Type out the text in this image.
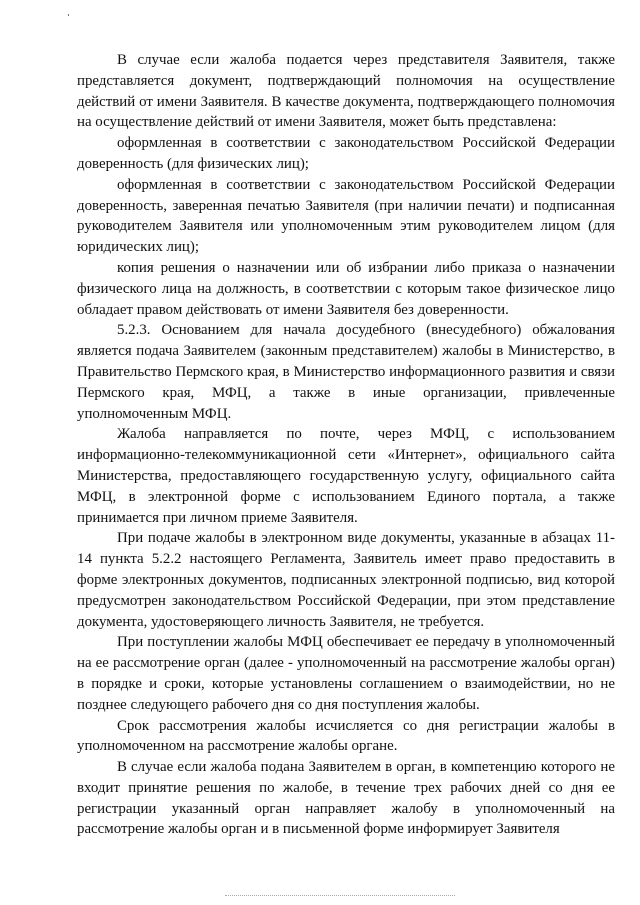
В случае если жалоба подается через представителя Заявителя, также представляется документ, подтверждающий полномочия на осуществление действий от имени Заявителя. В качестве документа, подтверждающего полномочия на осуществление действий от имени Заявителя, может быть представлена:

оформленная в соответствии с законодательством Российской Федерации доверенность (для физических лиц);

оформленная в соответствии с законодательством Российской Федерации доверенность, заверенная печатью Заявителя (при наличии печати) и подписанная руководителем Заявителя или уполномоченным этим руководителем лицом (для юридических лиц);

копия решения о назначении или об избрании либо приказа о назначении физического лица на должность, в соответствии с которым такое физическое лицо обладает правом действовать от имени Заявителя без доверенности.

5.2.3. Основанием для начала досудебного (внесудебного) обжалования является подача Заявителем (законным представителем) жалобы в Министерство, в Правительство Пермского края, в Министерство информационного развития и связи Пермского края, МФЦ, а также в иные организации, привлеченные уполномоченным МФЦ.

Жалоба направляется по почте, через МФЦ, с использованием информационно-телекоммуникационной сети «Интернет», официального сайта Министерства, предоставляющего государственную услугу, официального сайта МФЦ, в электронной форме с использованием Единого портала, а также принимается при личном приеме Заявителя.

При подаче жалобы в электронном виде документы, указанные в абзацах 11-14 пункта 5.2.2 настоящего Регламента, Заявитель имеет право предоставить в форме электронных документов, подписанных электронной подписью, вид которой предусмотрен законодательством Российской Федерации, при этом представление документа, удостоверяющего личность Заявителя, не требуется.

При поступлении жалобы МФЦ обеспечивает ее передачу в уполномоченный на ее рассмотрение орган (далее - уполномоченный на рассмотрение жалобы орган) в порядке и сроки, которые установлены соглашением о взаимодействии, но не позднее следующего рабочего дня со дня поступления жалобы.

Срок рассмотрения жалобы исчисляется со дня регистрации жалобы в уполномоченном на рассмотрение жалобы органе.

В случае если жалоба подана Заявителем в орган, в компетенцию которого не входит принятие решения по жалобе, в течение трех рабочих дней со дня ее регистрации указанный орган направляет жалобу в уполномоченный на рассмотрение жалобы орган и в письменной форме информирует Заявителя
